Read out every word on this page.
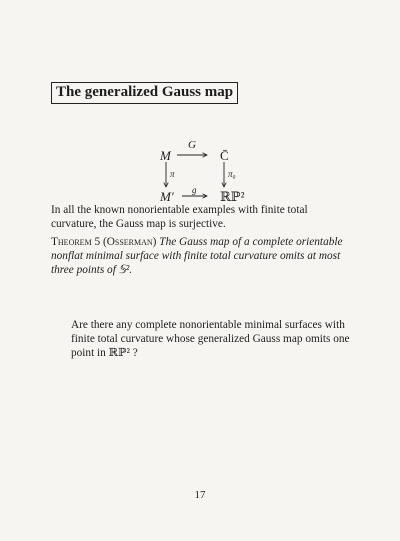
The generalized Gauss map
M
G
C̄
π	π₀
M′ g ℝℙ²

In all the known nonorientable examples with finite total curvature, the Gauss map is surjective.

Theorem 5 (Osserman) The Gauss map of a complete orientable nonflat minimal surface with finite total curvature omits at most three points of 𝕊².

Are there any complete nonorientable minimal surfaces with finite total curvature whose generalized Gauss map omits one point in ℝℙ² ?

17
